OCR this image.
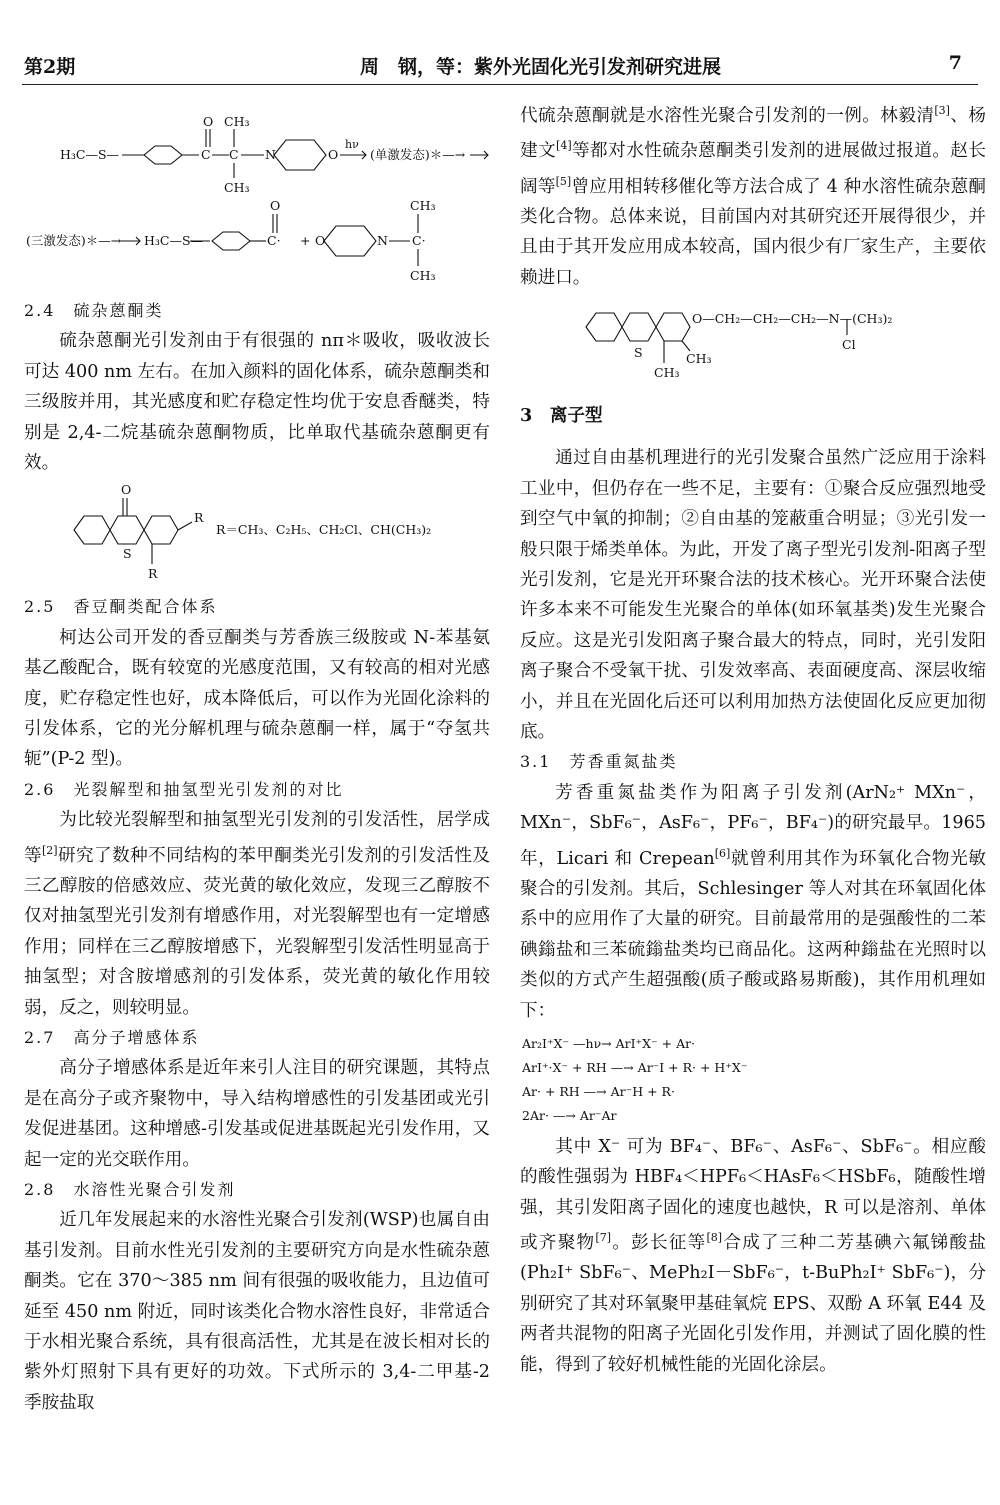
第2期	周　钢，等：紫外光固化光引发剂研究进展	7
H₃C—S—	C C N	O
hν
(单激发态)＊—→
O CH₃
CH₃
(三激发态)＊—→ H₃C—S—	C· + O	N C·
O	CH₃
CH₃
2.4　硫杂蒽酮类

硫杂蒽酮光引发剂由于有很强的 nπ＊吸收，吸收波长可达 400 nm 左右。在加入颜料的固化体系，硫杂蒽酮类和三级胺并用，其光感度和贮存稳定性均优于安息香醚类，特别是 2,4-二烷基硫杂蒽酮物质，比单取代基硫杂蒽酮更有效。

O
R
S
R
R＝CH₃、C₂H₅、CH₂Cl、CH(CH₃)₂
2.5　香豆酮类配合体系

柯达公司开发的香豆酮类与芳香族三级胺或 N-苯基氨基乙酸配合，既有较宽的光感度范围，又有较高的相对光感度，贮存稳定性也好，成本降低后，可以作为光固化涂料的引发体系，它的光分解机理与硫杂蒽酮一样，属于“夺氢共轭”(P-2 型)。

2.6　光裂解型和抽氢型光引发剂的对比

为比较光裂解型和抽氢型光引发剂的引发活性，居学成等[2]研究了数种不同结构的苯甲酮类光引发剂的引发活性及三乙醇胺的倍感效应、荧光黄的敏化效应，发现三乙醇胺不仅对抽氢型光引发剂有增感作用，对光裂解型也有一定增感作用；同样在三乙醇胺增感下，光裂解型引发活性明显高于抽氢型；对含胺增感剂的引发体系，荧光黄的敏化作用较弱，反之，则较明显。

2.7　高分子增感体系

高分子增感体系是近年来引人注目的研究课题，其特点是在高分子或齐聚物中，导入结构增感性的引发基团或光引发促进基团。这种增感-引发基或促进基既起光引发作用，又起一定的光交联作用。

2.8　水溶性光聚合引发剂

近几年发展起来的水溶性光聚合引发剂(WSP)也属自由基引发剂。目前水性光引发剂的主要研究方向是水性硫杂蒽酮类。它在 370～385 nm 间有很强的吸收能力，且边值可延至 450 nm 附近，同时该类化合物水溶性良好，非常适合于水相光聚合系统，具有很高活性，尤其是在波长相对长的紫外灯照射下具有更好的功效。下式所示的 3,4-二甲基-2 季胺盐取

代硫杂蒽酮就是水溶性光聚合引发剂的一例。林毅清[3]、杨建文[4]等都对水性硫杂蒽酮类引发剂的进展做过报道。赵长阔等[5]曾应用相转移催化等方法合成了 4 种水溶性硫杂蒽酮类化合物。总体来说，目前国内对其研究还开展得很少，并且由于其开发应用成本较高，国内很少有厂家生产，主要依赖进口。

S
O—CH₂—CH₂—CH₂—N—(CH₃)₂
CH₃
CH₃
Cl
3　离子型

通过自由基机理进行的光引发聚合虽然广泛应用于涂料工业中，但仍存在一些不足，主要有：①聚合反应强烈地受到空气中氧的抑制；②自由基的笼蔽重合明显；③光引发一般只限于烯类单体。为此，开发了离子型光引发剂-阳离子型光引发剂，它是光开环聚合法的技术核心。光开环聚合法使许多本来不可能发生光聚合的单体(如环氧基类)发生光聚合反应。这是光引发阳离子聚合最大的特点，同时，光引发阳离子聚合不受氧干扰、引发效率高、表面硬度高、深层收缩小，并且在光固化后还可以利用加热方法使固化反应更加彻底。

3.1　芳香重氮盐类

芳香重氮盐类作为阳离子引发剂(ArN₂⁺ MXn⁻，MXn⁻，SbF₆⁻，AsF₆⁻，PF₆⁻，BF₄⁻)的研究最早。1965 年，Licari 和 Crepean[6]就曾利用其作为环氧化合物光敏聚合的引发剂。其后，Schlesinger 等人对其在环氧固化体系中的应用作了大量的研究。目前最常用的是强酸性的二苯碘鎓盐和三苯硫鎓盐类均已商品化。这两种鎓盐在光照时以类似的方式产生超强酸(质子酸或路易斯酸)，其作用机理如下：

Ar₂I⁺X⁻ —hν→ ArI⁺X⁻ + Ar·
ArI⁺·X⁻ + RH —→ Ar⁻I + R· + H⁺X⁻
Ar· + RH —→ Ar⁻H + R·
2Ar· —→ Ar⁻Ar

其中 X⁻ 可为 BF₄⁻、BF₆⁻、AsF₆⁻、SbF₆⁻。相应酸的酸性强弱为 HBF₄＜HPF₆＜HAsF₆＜HSbF₆，随酸性增强，其引发阳离子固化的速度也越快，R 可以是溶剂、单体或齐聚物[7]。彭长征等[8]合成了三种二芳基碘六氟锑酸盐(Ph₂I⁺ SbF₆⁻、MePh₂I－SbF₆⁻，t-BuPh₂I⁺ SbF₆⁻)，分别研究了其对环氧聚甲基硅氧烷 EPS、双酚 A 环氧 E44 及两者共混物的阳离子光固化引发作用，并测试了固化膜的性能，得到了较好机械性能的光固化涂层。
